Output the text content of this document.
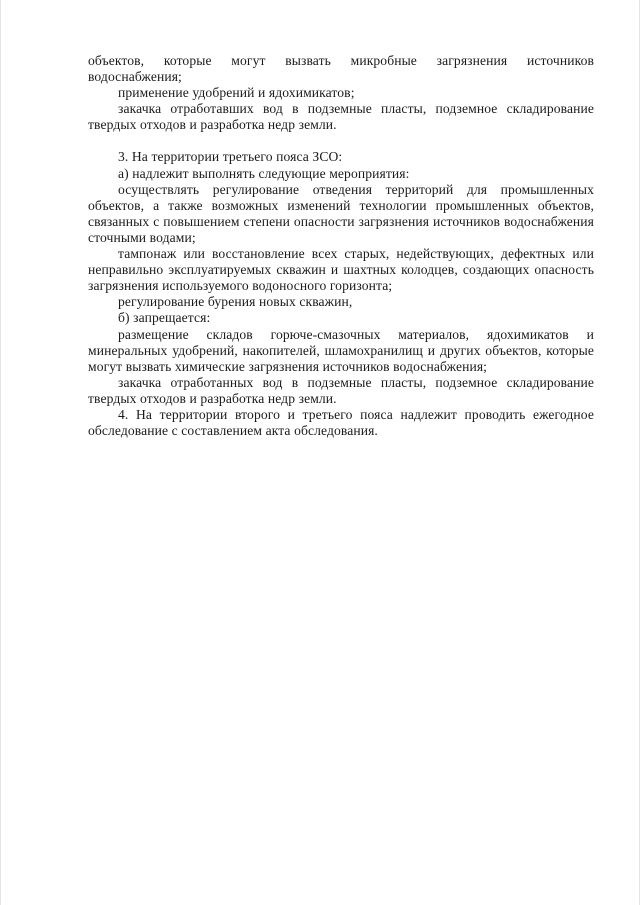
объектов, которые могут вызвать микробные загрязнения источников водоснабжения;

применение удобрений и ядохимикатов;

закачка отработавших вод в подземные пласты, подземное складирование твердых отходов и разработка недр земли.

3. На территории третьего пояса ЗСО:

а) надлежит выполнять следующие мероприятия:

осуществлять регулирование отведения территорий для промышленных объектов, а также возможных изменений технологии промышленных объектов, связанных с повышением степени опасности загрязнения источников водоснабжения сточными водами;

тампонаж или восстановление всех старых, недействующих, дефектных или неправильно эксплуатируемых скважин и шахтных колодцев, создающих опасность загрязнения используемого водоносного горизонта;

регулирование бурения новых скважин,

б) запрещается:

размещение складов горюче-смазочных материалов, ядохимикатов и минеральных удобрений, накопителей, шламохранилищ и других объектов, которые могут вызвать химические загрязнения источников водоснабжения;

закачка отработанных вод в подземные пласты, подземное складирование твердых отходов и разработка недр земли.

4. На территории второго и третьего пояса надлежит проводить ежегодное обследование с составлением акта обследования.
